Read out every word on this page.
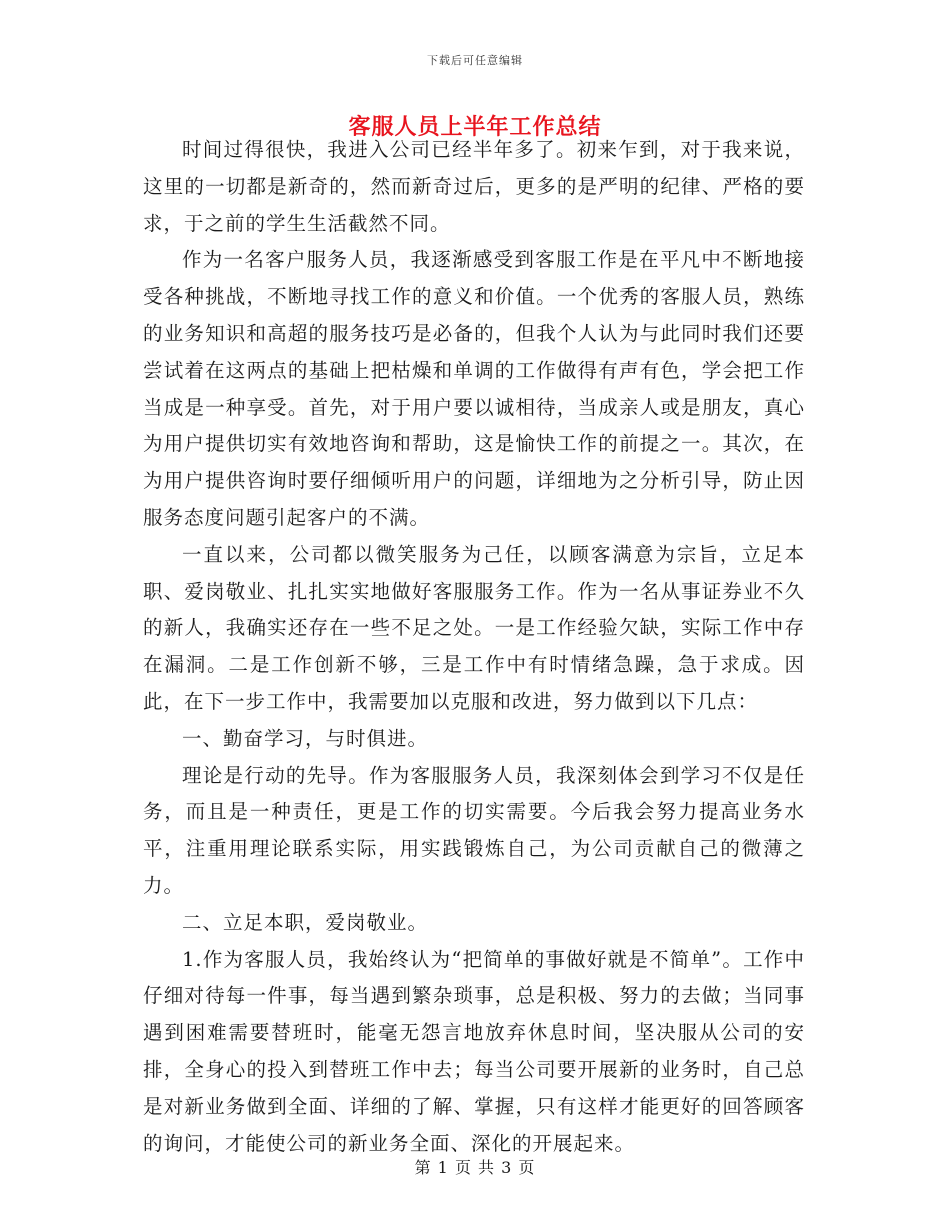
下载后可任意编辑
客服人员上半年工作总结

时间过得很快，我进入公司已经半年多了。初来乍到，对于我来说，这里的一切都是新奇的，然而新奇过后，更多的是严明的纪律、严格的要求，于之前的学生生活截然不同。

作为一名客户服务人员，我逐渐感受到客服工作是在平凡中不断地接受各种挑战，不断地寻找工作的意义和价值。一个优秀的客服人员，熟练的业务知识和高超的服务技巧是必备的，但我个人认为与此同时我们还要尝试着在这两点的基础上把枯燥和单调的工作做得有声有色，学会把工作当成是一种享受。首先，对于用户要以诚相待，当成亲人或是朋友，真心为用户提供切实有效地咨询和帮助，这是愉快工作的前提之一。其次，在为用户提供咨询时要仔细倾听用户的问题，详细地为之分析引导，防止因服务态度问题引起客户的不满。

一直以来，公司都以微笑服务为己任，以顾客满意为宗旨，立足本职、爱岗敬业、扎扎实实地做好客服服务工作。作为一名从事证券业不久的新人，我确实还存在一些不足之处。一是工作经验欠缺，实际工作中存在漏洞。二是工作创新不够，三是工作中有时情绪急躁，急于求成。因此，在下一步工作中，我需要加以克服和改进，努力做到以下几点：

一、勤奋学习，与时俱进。

理论是行动的先导。作为客服服务人员，我深刻体会到学习不仅是任务，而且是一种责任，更是工作的切实需要。今后我会努力提高业务水平，注重用理论联系实际，用实践锻炼自己，为公司贡献自己的微薄之力。

二、立足本职，爱岗敬业。

1.作为客服人员，我始终认为“把简单的事做好就是不简单”。工作中仔细对待每一件事，每当遇到繁杂琐事，总是积极、努力的去做；当同事遇到困难需要替班时，能毫无怨言地放弃休息时间，坚决服从公司的安排，全身心的投入到替班工作中去；每当公司要开展新的业务时，自己总是对新业务做到全面、详细的了解、掌握，只有这样才能更好的回答顾客的询问，才能使公司的新业务全面、深化的开展起来。

第 1 页 共 3 页
